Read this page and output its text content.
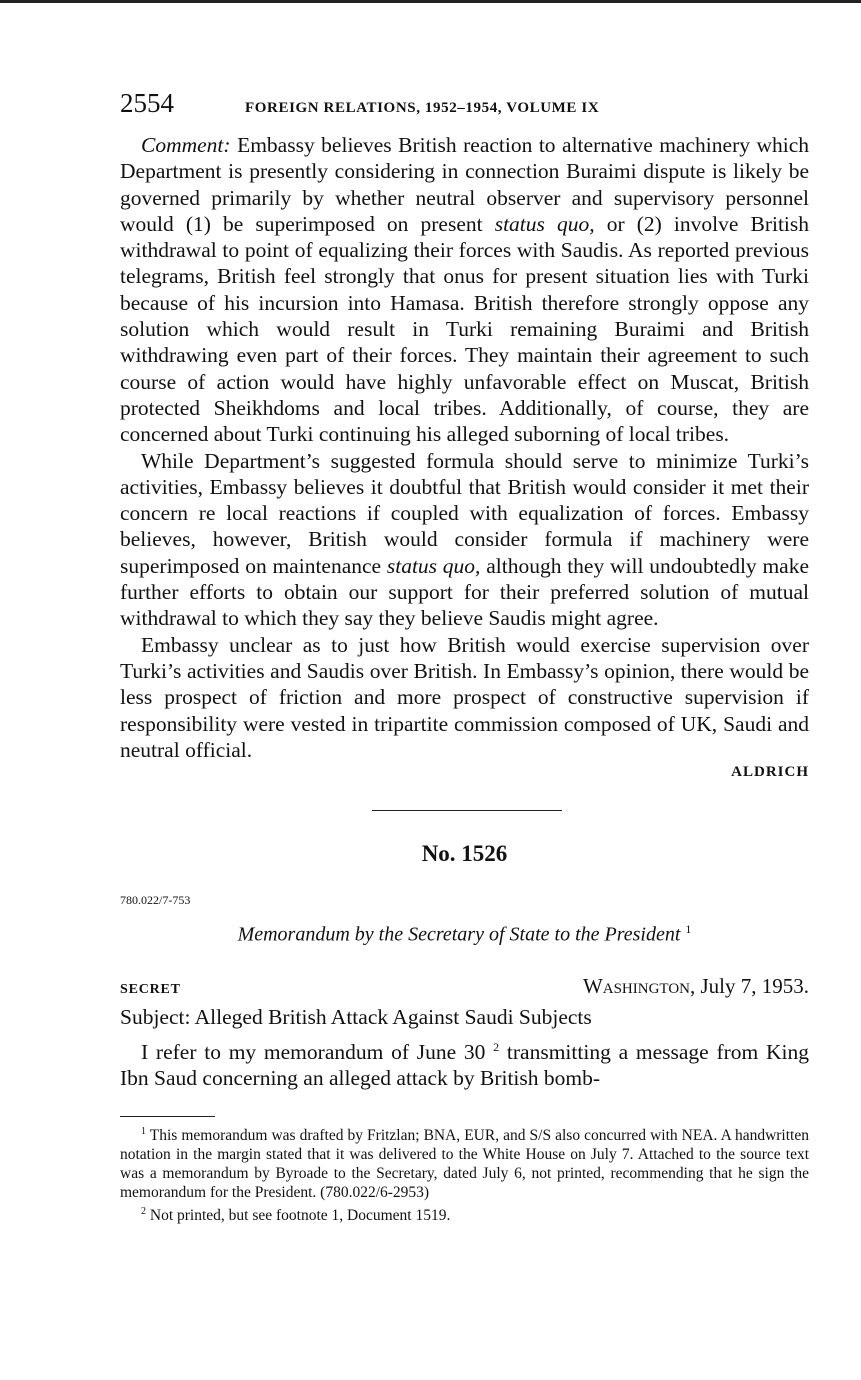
2554	FOREIGN RELATIONS, 1952–1954, VOLUME IX

Comment: Embassy believes British reaction to alternative machinery which Department is presently considering in connection Buraimi dispute is likely be governed primarily by whether neutral observer and supervisory personnel would (1) be superimposed on present status quo, or (2) involve British withdrawal to point of equalizing their forces with Saudis. As reported previous telegrams, British feel strongly that onus for present situation lies with Turki because of his incursion into Hamasa. British therefore strongly oppose any solution which would result in Turki remaining Buraimi and British withdrawing even part of their forces. They maintain their agreement to such course of action would have highly unfavorable effect on Muscat, British protected Sheikhdoms and local tribes. Additionally, of course, they are concerned about Turki continuing his alleged suborning of local tribes.

While Department’s suggested formula should serve to minimize Turki’s activities, Embassy believes it doubtful that British would consider it met their concern re local reactions if coupled with equalization of forces. Embassy believes, however, British would consider formula if machinery were superimposed on maintenance status quo, although they will undoubtedly make further efforts to obtain our support for their preferred solution of mutual withdrawal to which they say they believe Saudis might agree.

Embassy unclear as to just how British would exercise supervision over Turki’s activities and Saudis over British. In Embassy’s opinion, there would be less prospect of friction and more prospect of constructive supervision if responsibility were vested in tripartite commission composed of UK, Saudi and neutral official.

ALDRICH
No. 1526
780.022/7-753
Memorandum by the Secretary of State to the President $^1$
SECRET	Washington, July 7, 1953.
Subject: Alleged British Attack Against Saudi Subjects

I refer to my memorandum of June 30 $^2$ transmitting a message from King Ibn Saud concerning an alleged attack by British bomb-

$^1$ This memorandum was drafted by Fritzlan; BNA, EUR, and S/S also concurred with NEA. A handwritten notation in the margin stated that it was delivered to the White House on July 7. Attached to the source text was a memorandum by Byroade to the Secretary, dated July 6, not printed, recommending that he sign the memorandum for the President. (780.022/6-2953)

$^2$ Not printed, but see footnote 1, Document 1519.
